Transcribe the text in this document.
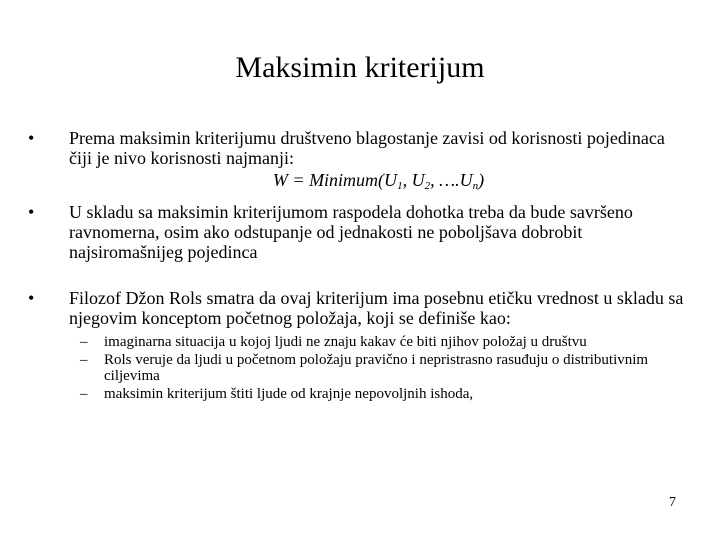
Maksimin kriterijum
•	Prema maksimin kriterijumu društveno blagostanje zavisi od korisnosti pojedinaca čiji je nivo korisnosti najmanji:
$W = Minimum(U_1$, $U_2$, $\dots.U_n$)
•	U skladu sa maksimin kriterijumom raspodela dohotka treba da bude savršeno ravnomerna, osim ako odstupanje od jednakosti ne poboljšava dobrobit najsiromašnijeg pojedinca
•	Filozof Džon Rols smatra da ovaj kriterijum ima posebnu etičku vrednost u skladu sa njegovim konceptom početnog položaja, koji se definiše kao:
– imaginarna situacija u kojoj ljudi ne znaju kakav će biti njihov položaj u društvu
– Rols veruje da ljudi u početnom položaju pravično i nepristrasno rasuđuju o distributivnim ciljevima
– maksimin kriterijum štiti ljude od krajnje nepovoljnih ishoda,
7
